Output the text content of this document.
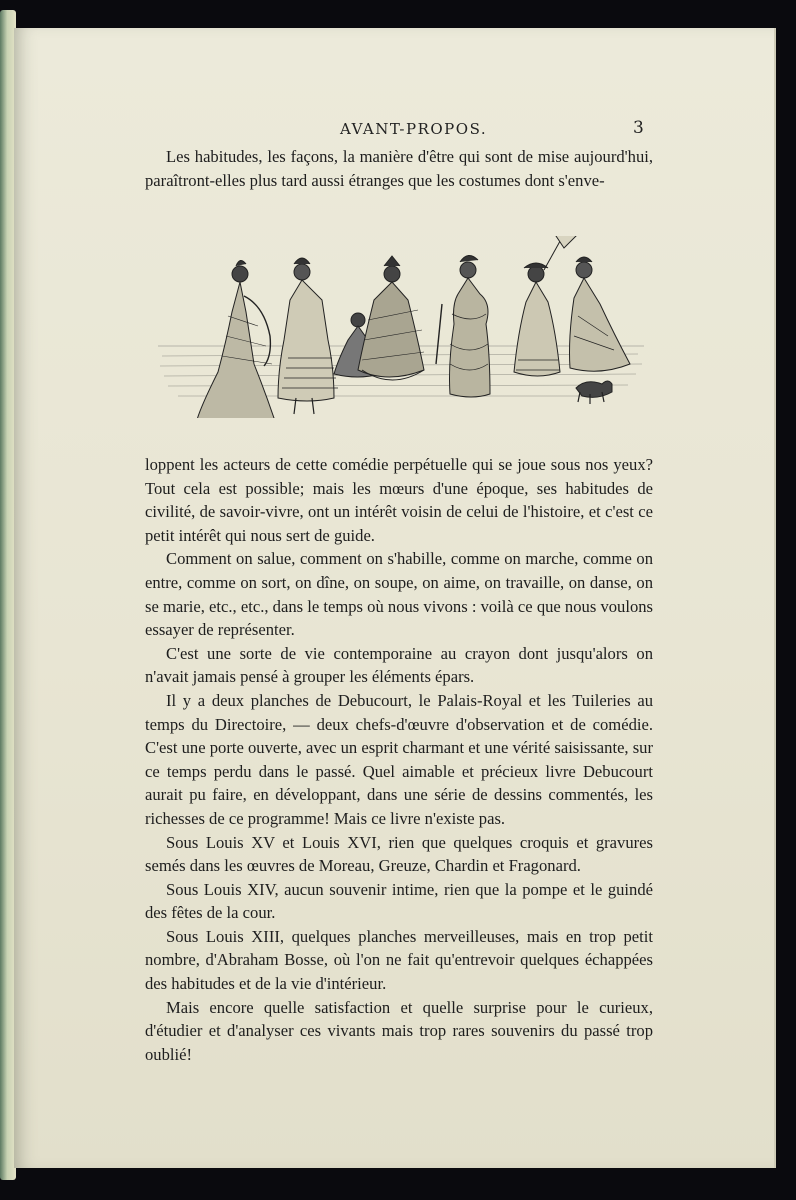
AVANT-PROPOS.	3

Les habitudes, les façons, la manière d'être qui sont de mise aujourd'hui, paraîtront-elles plus tard aussi étranges que les costumes dont s'enve-

loppent les acteurs de cette comédie perpétuelle qui se joue sous nos yeux? Tout cela est possible; mais les mœurs d'une époque, ses habitudes de civilité, de savoir-vivre, ont un intérêt voisin de celui de l'histoire, et c'est ce petit intérêt qui nous sert de guide.

Comment on salue, comment on s'habille, comme on marche, comme on entre, comme on sort, on dîne, on soupe, on aime, on travaille, on danse, on se marie, etc., etc., dans le temps où nous vivons : voilà ce que nous voulons essayer de représenter.

C'est une sorte de vie contemporaine au crayon dont jusqu'alors on n'avait jamais pensé à grouper les éléments épars.

Il y a deux planches de Debucourt, le Palais-Royal et les Tuileries au temps du Directoire, — deux chefs-d'œuvre d'observation et de comédie. C'est une porte ouverte, avec un esprit charmant et une vérité saisissante, sur ce temps perdu dans le passé. Quel aimable et précieux livre Debucourt aurait pu faire, en développant, dans une série de dessins commentés, les richesses de ce programme! Mais ce livre n'existe pas.

Sous Louis XV et Louis XVI, rien que quelques croquis et gravures semés dans les œuvres de Moreau, Greuze, Chardin et Fragonard.

Sous Louis XIV, aucun souvenir intime, rien que la pompe et le guindé des fêtes de la cour.

Sous Louis XIII, quelques planches merveilleuses, mais en trop petit nombre, d'Abraham Bosse, où l'on ne fait qu'entrevoir quelques échappées des habitudes et de la vie d'intérieur.

Mais encore quelle satisfaction et quelle surprise pour le curieux, d'étudier et d'analyser ces vivants mais trop rares souvenirs du passé trop oublié!
